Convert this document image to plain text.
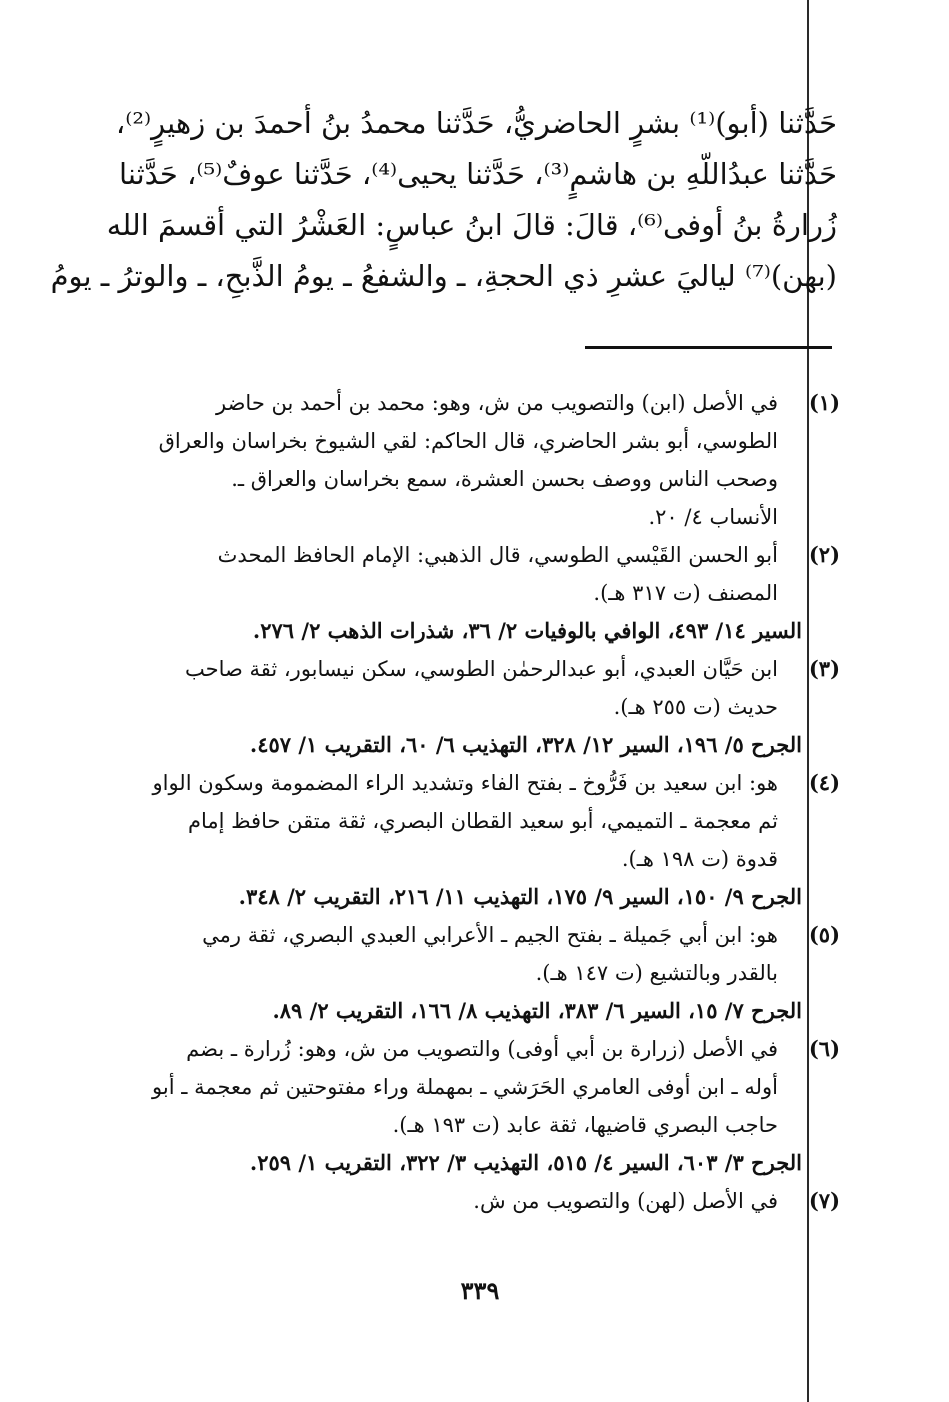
حَدَّثنا (أبو)⁽¹⁾ بشرٍ الحاضريُّ، حَدَّثنا محمدُ بنُ أحمدَ بن زهيرٍ⁽²⁾،
حَدَّثنا عبدُاللّهِ بن هاشمٍ⁽³⁾، حَدَّثنا يحيى⁽⁴⁾، حَدَّثنا عوفٌ⁽⁵⁾، حَدَّثنا
زُرارةُ بنُ أوفى⁽⁶⁾، قالَ: قالَ ابنُ عباسٍ: العَشْرُ التي أقسمَ الله
(بهن)⁽⁷⁾ لياليَ عشرِ ذي الحجةِ، ـ والشفعُ ـ يومُ الذَّبحِ، ـ والوترُ ـ يومُ
(١)
في الأصل (ابن) والتصويب من ش، وهو: محمد بن أحمد بن حاضر
الطوسي، أبو بشر الحاضري، قال الحاكم: لقي الشيوخ بخراسان والعراق
وصحب الناس ووصف بحسن العشرة، سمع بخراسان والعراق ـ.
الأنساب ٤/ ٢٠.
(٢)
أبو الحسن القَيْسي الطوسي، قال الذهبي: الإمام الحافظ المحدث
المصنف (ت ٣١٧ هـ).
السير ١٤/ ٤٩٣، الوافي بالوفيات ٢/ ٣٦، شذرات الذهب ٢/ ٢٧٦.
(٣)
ابن حَيَّان العبدي، أبو عبدالرحمٰن الطوسي، سكن نيسابور، ثقة صاحب
حديث (ت ٢٥٥ هـ).
الجرح ٥/ ١٩٦، السير ١٢/ ٣٢٨، التهذيب ٦/ ٦٠، التقريب ١/ ٤٥٧.
(٤)
هو: ابن سعيد بن فَرُّوخ ـ بفتح الفاء وتشديد الراء المضمومة وسكون الواو
ثم معجمة ـ التميمي، أبو سعيد القطان البصري، ثقة متقن حافظ إمام
قدوة (ت ١٩٨ هـ).
الجرح ٩/ ١٥٠، السير ٩/ ١٧٥، التهذيب ١١/ ٢١٦، التقريب ٢/ ٣٤٨.
(٥)
هو: ابن أبي جَميلة ـ بفتح الجيم ـ الأعرابي العبدي البصري، ثقة رمي
بالقدر وبالتشيع (ت ١٤٧ هـ).
الجرح ٧/ ١٥، السير ٦/ ٣٨٣، التهذيب ٨/ ١٦٦، التقريب ٢/ ٨٩.
(٦)
في الأصل (زرارة بن أبي أوفى) والتصويب من ش، وهو: زُرارة ـ بضم
أوله ـ ابن أوفى العامري الحَرَشي ـ بمهملة وراء مفتوحتين ثم معجمة ـ أبو
حاجب البصري قاضيها، ثقة عابد (ت ١٩٣ هـ).
الجرح ٣/ ٦٠٣، السير ٤/ ٥١٥، التهذيب ٣/ ٣٢٢، التقريب ١/ ٢٥٩.
(٧)
في الأصل (لهن) والتصويب من ش.
٣٣٩
